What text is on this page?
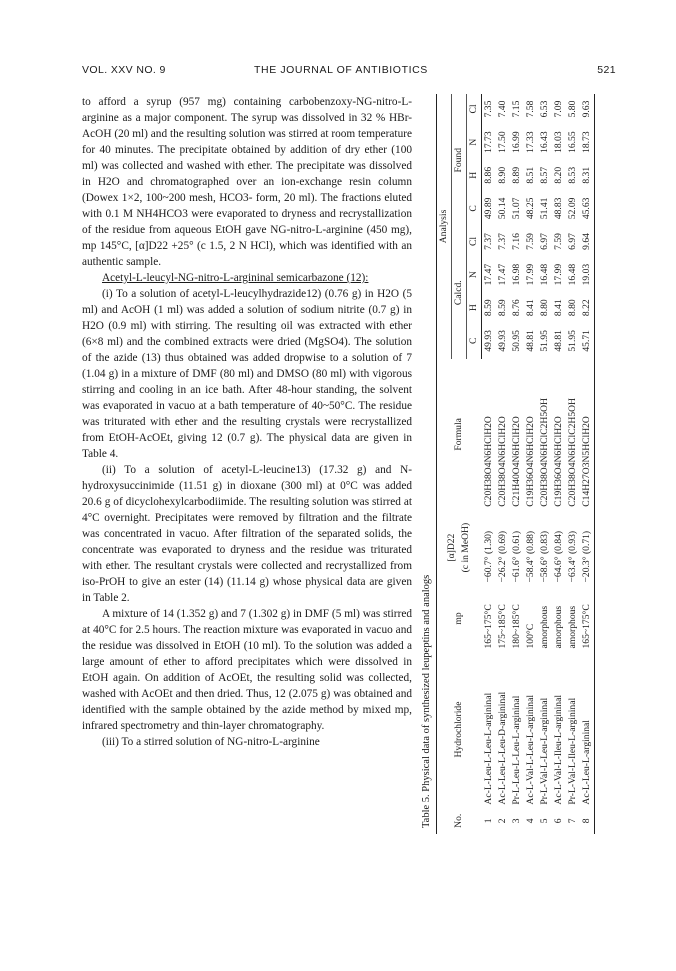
VOL. XXV NO. 9	THE JOURNAL OF ANTIBIOTICS	521

to afford a syrup (957 mg) containing carbobenzoxy-NG-nitro-L-arginine as a major component. The syrup was dissolved in 32 % HBr-AcOH (20 ml) and the resulting solution was stirred at room temperature for 40 minutes. The precipitate obtained by addition of dry ether (100 ml) was collected and washed with ether. The precipitate was dissolved in H2O and chromatographed over an ion-exchange resin column (Dowex 1×2, 100~200 mesh, HCO3- form, 20 ml). The fractions eluted with 0.1 M NH4HCO3 were evaporated to dryness and recrystallization of the residue from aqueous EtOH gave NG-nitro-L-arginine (450 mg), mp 145°C, [α]D22 +25° (c 1.5, 2 N HCl), which was identified with an authentic sample.

Acetyl-L-leucyl-NG-nitro-L-argininal semicarbazone (12):

(i) To a solution of acetyl-L-leucylhydrazide12) (0.76 g) in H2O (5 ml) and AcOH (1 ml) was added a solution of sodium nitrite (0.7 g) in H2O (0.9 ml) with stirring. The resulting oil was extracted with ether (6×8 ml) and the combined extracts were dried (MgSO4). The solution of the azide (13) thus obtained was added dropwise to a solution of 7 (1.04 g) in a mixture of DMF (80 ml) and DMSO (80 ml) with vigorous stirring and cooling in an ice bath. After 48-hour standing, the solvent was evaporated in vacuo at a bath temperature of 40~50°C. The residue was triturated with ether and the resulting crystals were recrystallized from EtOH-AcOEt, giving 12 (0.7 g). The physical data are given in Table 4.

(ii) To a solution of acetyl-L-leucine13) (17.32 g) and N-hydroxysuccinimide (11.51 g) in dioxane (300 ml) at 0°C was added 20.6 g of dicyclohexylcarbodiimide. The resulting solution was stirred at 4°C overnight. Precipitates were removed by filtration and the filtrate was concentrated in vacuo. After filtration of the separated solids, the concentrate was evaporated to dryness and the residue was triturated with ether. The resultant crystals were collected and recrystallized from iso-PrOH to give an ester (14) (11.14 g) whose physical data are given in Table 2.

A mixture of 14 (1.352 g) and 7 (1.302 g) in DMF (5 ml) was stirred at 40°C for 2.5 hours. The reaction mixture was evaporated in vacuo and the residue was dissolved in EtOH (10 ml). To the solution was added a large amount of ether to afford precipitates which were dissolved in EtOH again. On addition of AcOEt, the resulting solid was collected, washed with AcOEt and then dried. Thus, 12 (2.075 g) was obtained and identified with the sample obtained by the azide method by mixed mp, infrared spectrometry and thin-layer chromatography.

(iii) To a stirred solution of NG-nitro-L-arginine	Table 5. Physical data of synthesized leupeptins and analogs No.	Hydrochloride	mp	[α]D22 (c in MeOH)	Formula	Analysis							
					Calcd.				Found			
					C	H	N	Cl	C	H	N	Cl
1	Ac-L-Leu-L-Leu-L-argininal	165~175°C	−60.7° (1.30)	C20H38O4N6HClH2O	49.93	8.59	17.47	7.37	49.89	8.86	17.73	7.35
2	Ac-L-Leu-L-Leu-D-argininal	175~185°C	−26.2° (0.69)	C20H38O4N6HClH2O	49.93	8.59	17.47	7.37	50.14	8.90	17.50	7.40
3	Pr-L-Leu-L-Leu-L-argininal	180~185°C	−61.6° (0.61)	C21H40O4N6HClH2O	50.95	8.76	16.98	7.16	51.07	8.89	16.99	7.15
4	Ac-L-Val-L-Leu-L-argininal	100°C	−58.4° (0.88)	C19H36O4N6HClH2O	48.81	8.41	17.99	7.59	48.25	8.51	17.33	7.58
5	Pr-L-Val-L-Leu-L-argininal	amorphous	−58.6° (0.83)	C20H38O4N6HClC2H5OH	51.95	8.80	16.48	6.97	51.41	8.57	16.43	6.53
6	Ac-L-Val-L-Ileu-L-argininal	amorphous	−64.6° (0.84)	C19H36O4N6HClH2O	48.81	8.41	17.99	7.59	48.83	8.20	18.03	7.09
7	Pr-L-Val-L-Ileu-L-argininal	amorphous	−63.4° (0.93)	C20H38O4N6HClC2H5OH	51.95	8.80	16.48	6.97	52.09	8.53	16.55	5.80
8	Ac-L-Leu-L-argininal	165~175°C	−20.3° (0.71)	C14H27O3N5HClH2O	45.71	8.22	19.03	9.64	45.63	8.31	18.73	9.63
